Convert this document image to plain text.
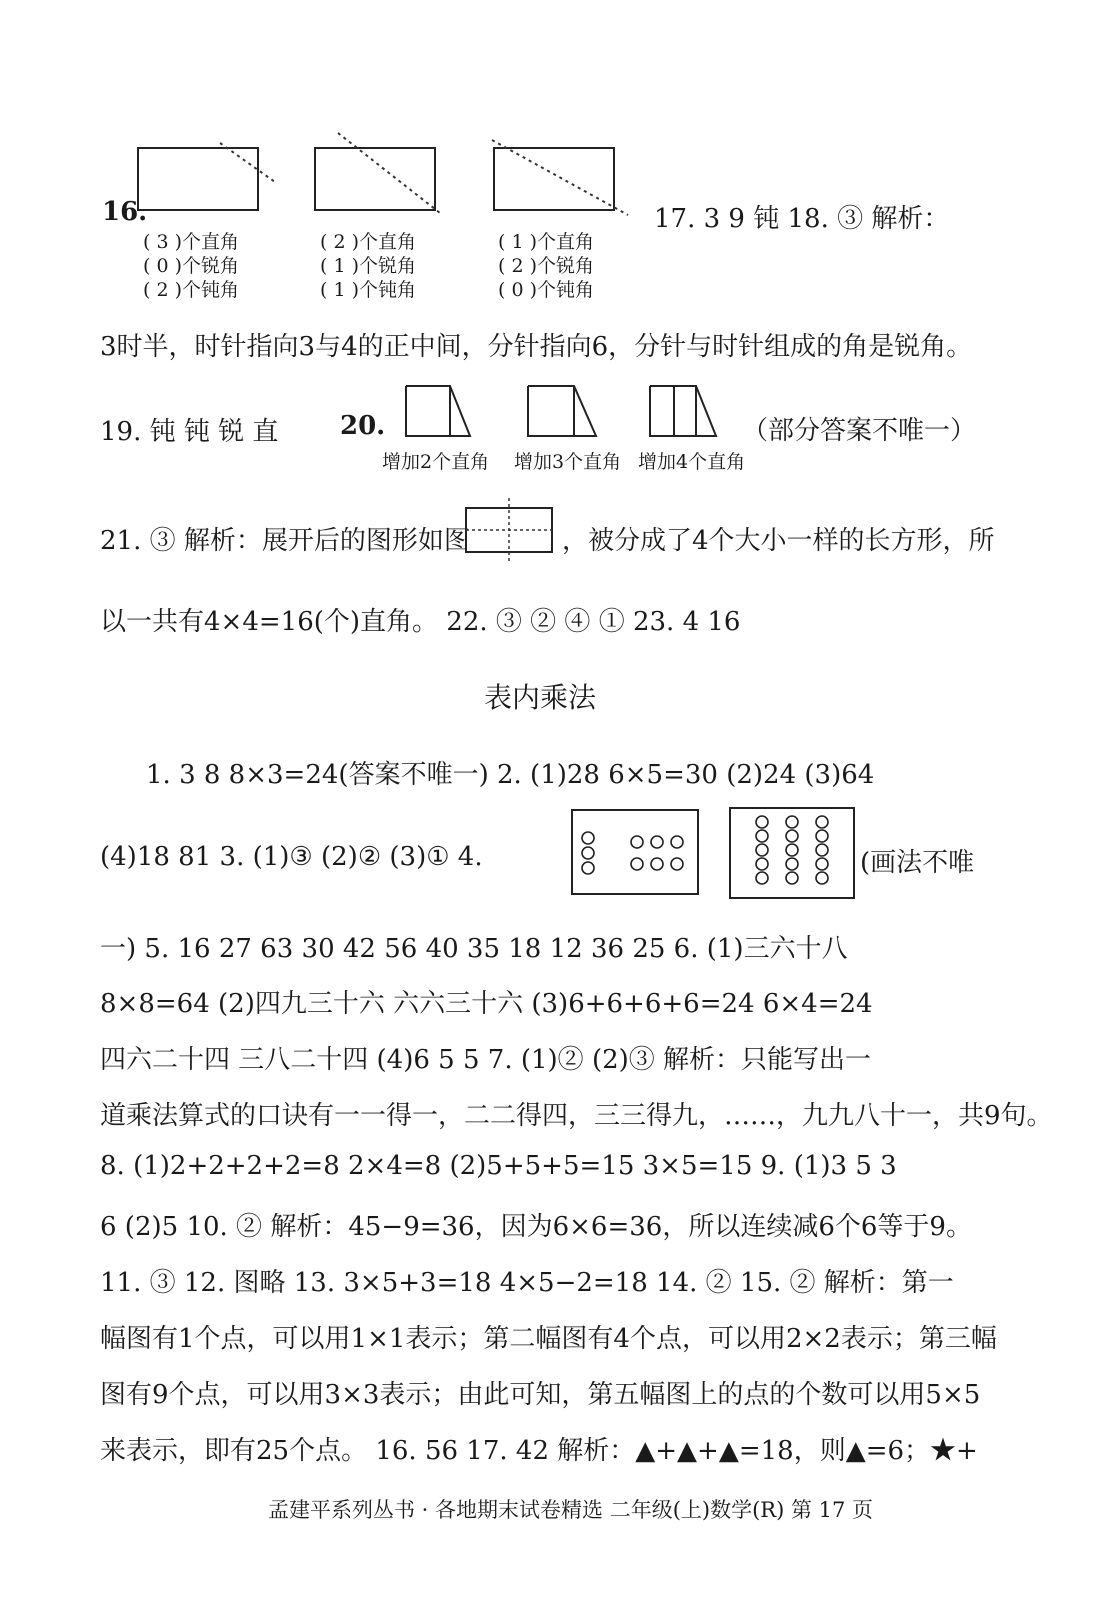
16.
( 3 )个直角
( 0 )个锐角
( 2 )个钝角
( 2 )个直角
( 1 )个锐角
( 1 )个钝角
( 1 )个直角
( 2 )个锐角
( 0 )个钝角
17. 3 9 钝 18. ③ 解析：
3时半，时针指向3与4的正中间，分针指向6，分针与时针组成的角是锐角。
19. 钝 钝 锐 直 20.
增加2个直角 增加3个直角 增加4个直角
（部分答案不唯一）
21. ③ 解析：展开后的图形如图	，被分成了4个大小一样的长方形，所
以一共有4×4=16(个)直角。 22. ③ ② ④ ① 23. 4 16
表内乘法
1. 3 8 8×3=24(答案不唯一) 2. (1)28 6×5=30 (2)24 (3)64
(4)18 81 3. (1)③ (2)② (3)① 4.	(画法不唯
一) 5. 16 27 63 30 42 56 40 35 18 12 36 25 6. (1)三六十八
8×8=64 (2)四九三十六 六六三十六 (3)6+6+6+6=24 6×4=24
四六二十四 三八二十四 (4)6 5 5 7. (1)② (2)③ 解析：只能写出一
道乘法算式的口诀有一一得一，二二得四，三三得九，……，九九八十一，共9句。
8. (1)2+2+2+2=8 2×4=8 (2)5+5+5=15 3×5=15 9. (1)3 5 3
6 (2)5 10. ② 解析：45−9=36，因为6×6=36，所以连续减6个6等于9。
11. ③ 12. 图略 13. 3×5+3=18 4×5−2=18 14. ② 15. ② 解析：第一
幅图有1个点，可以用1×1表示；第二幅图有4个点，可以用2×2表示；第三幅
图有9个点，可以用3×3表示；由此可知，第五幅图上的点的个数可以用5×5
来表示，即有25个点。 16. 56 17. 42 解析：▲+▲+▲=18，则▲=6；★+
孟建平系列丛书 · 各地期末试卷精选 二年级(上)数学(R) 第 17 页
